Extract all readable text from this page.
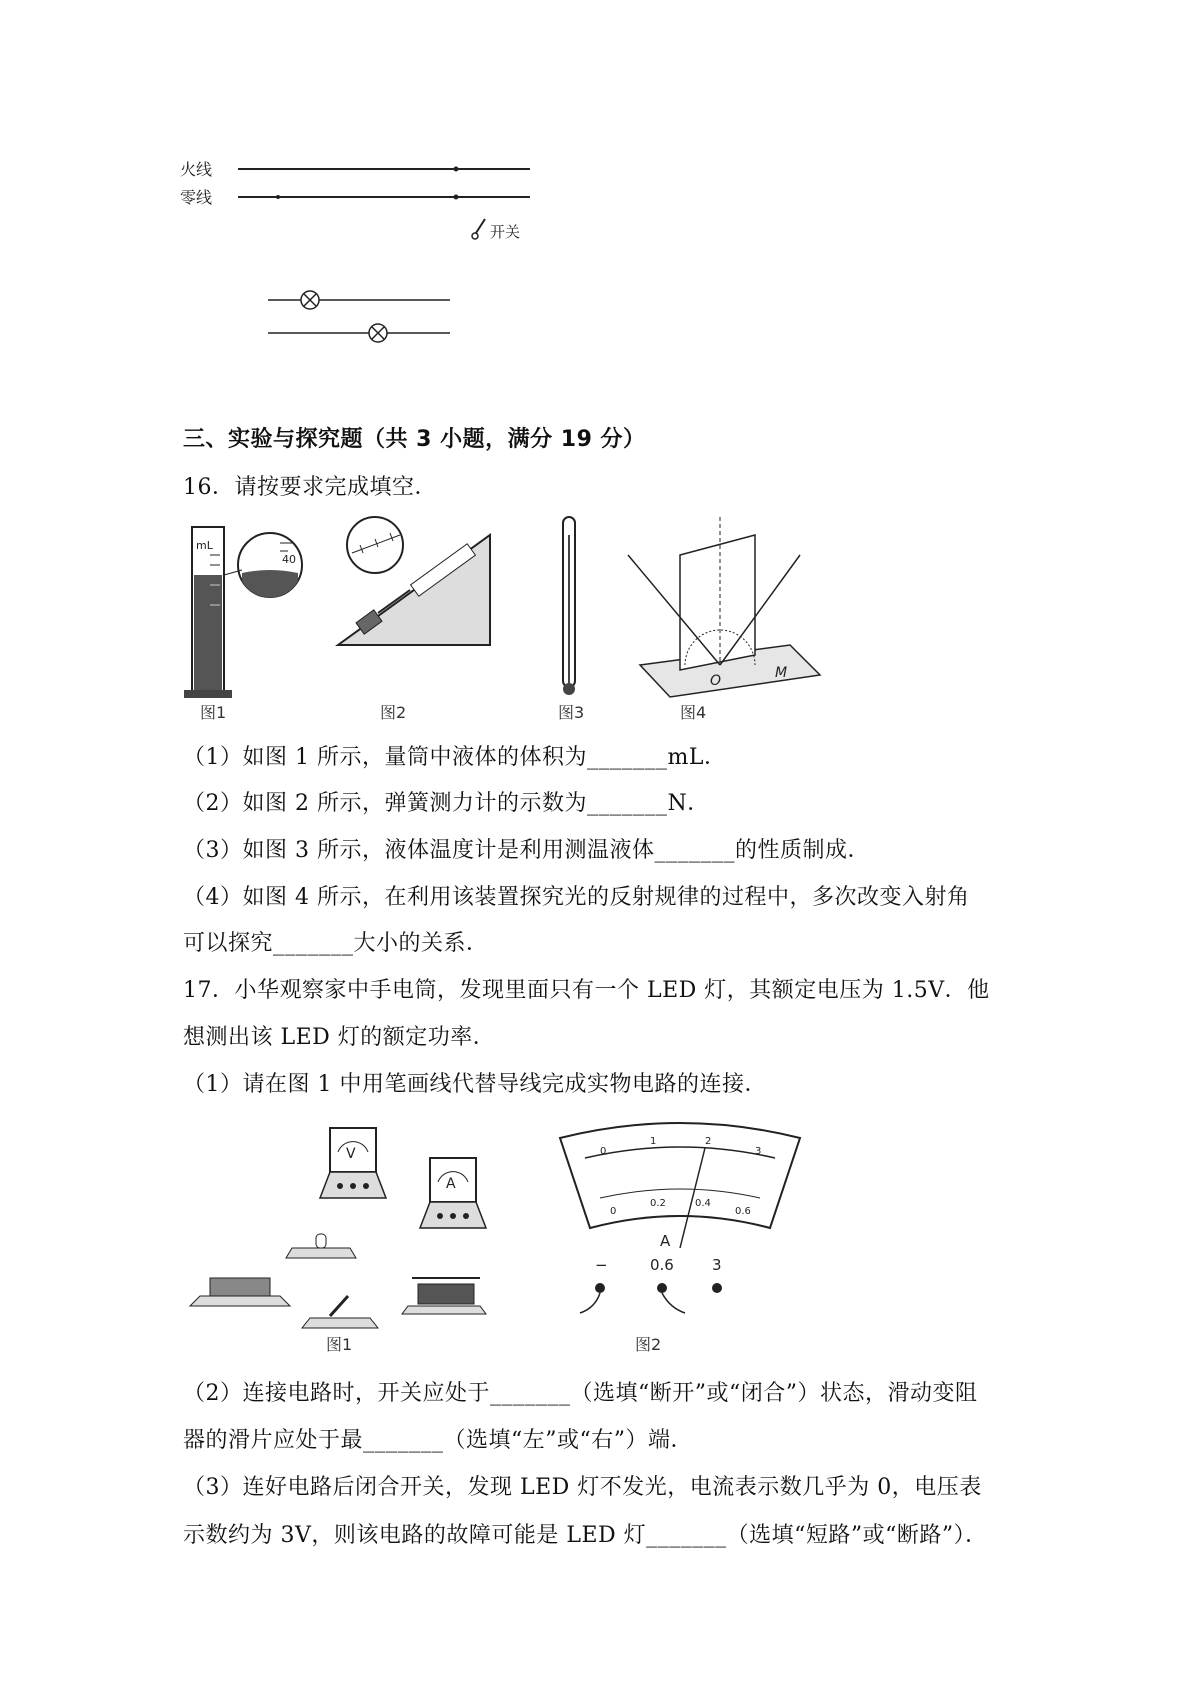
火线
零线
开关
三、实验与探究题（共 3 小题，满分 19 分）
16．请按要求完成填空．
mL
40
图1	图2	图3
O	M
图4
（1）如图 1 所示，量筒中液体的体积为_______mL．
（2）如图 2 所示，弹簧测力计的示数为_______N．
（3）如图 3 所示，液体温度计是利用测温液体_______的性质制成．
（4）如图 4 所示，在利用该装置探究光的反射规律的过程中，多次改变入射角
可以探究_______大小的关系．
17．小华观察家中手电筒，发现里面只有一个 LED 灯，其额定电压为 1.5V．他
想测出该 LED 灯的额定功率．
（1）请在图 1 中用笔画线代替导线完成实物电路的连接．
V
A
图1
0
1	2
3
0
0.2	0.4
0.6
A
−	0.6	3
图2
（2）连接电路时，开关应处于_______（选填“断开”或“闭合”）状态，滑动变阻
器的滑片应处于最_______（选填“左”或“右”）端．
（3）连好电路后闭合开关，发现 LED 灯不发光，电流表示数几乎为 0，电压表
示数约为 3V，则该电路的故障可能是 LED 灯_______（选填“短路”或“断路”）．
